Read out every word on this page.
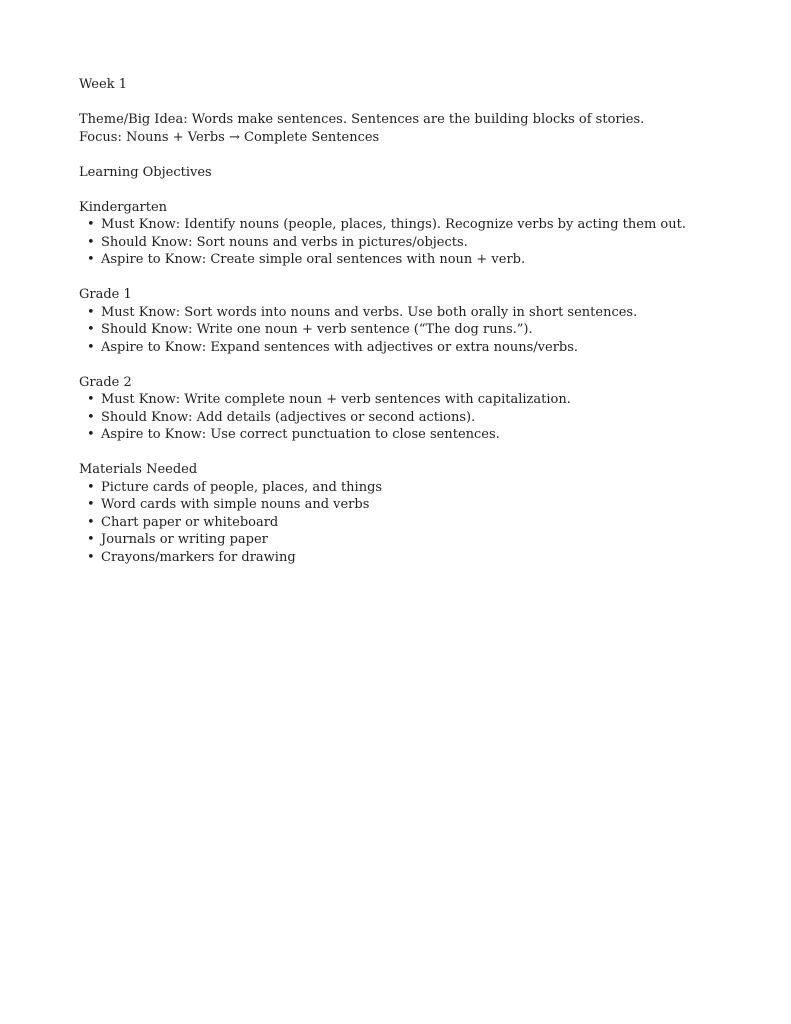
Week 1
Theme/Big Idea: Words make sentences. Sentences are the building blocks of stories.
Focus: Nouns + Verbs → Complete Sentences
Learning Objectives
Kindergarten
• Must Know: Identify nouns (people, places, things). Recognize verbs by acting them out.
• Should Know: Sort nouns and verbs in pictures/objects.
• Aspire to Know: Create simple oral sentences with noun + verb.
Grade 1
• Must Know: Sort words into nouns and verbs. Use both orally in short sentences.
• Should Know: Write one noun + verb sentence (“The dog runs.”).
• Aspire to Know: Expand sentences with adjectives or extra nouns/verbs.
Grade 2
• Must Know: Write complete noun + verb sentences with capitalization.
• Should Know: Add details (adjectives or second actions).
• Aspire to Know: Use correct punctuation to close sentences.
Materials Needed
• Picture cards of people, places, and things
• Word cards with simple nouns and verbs
• Chart paper or whiteboard
• Journals or writing paper
• Crayons/markers for drawing
